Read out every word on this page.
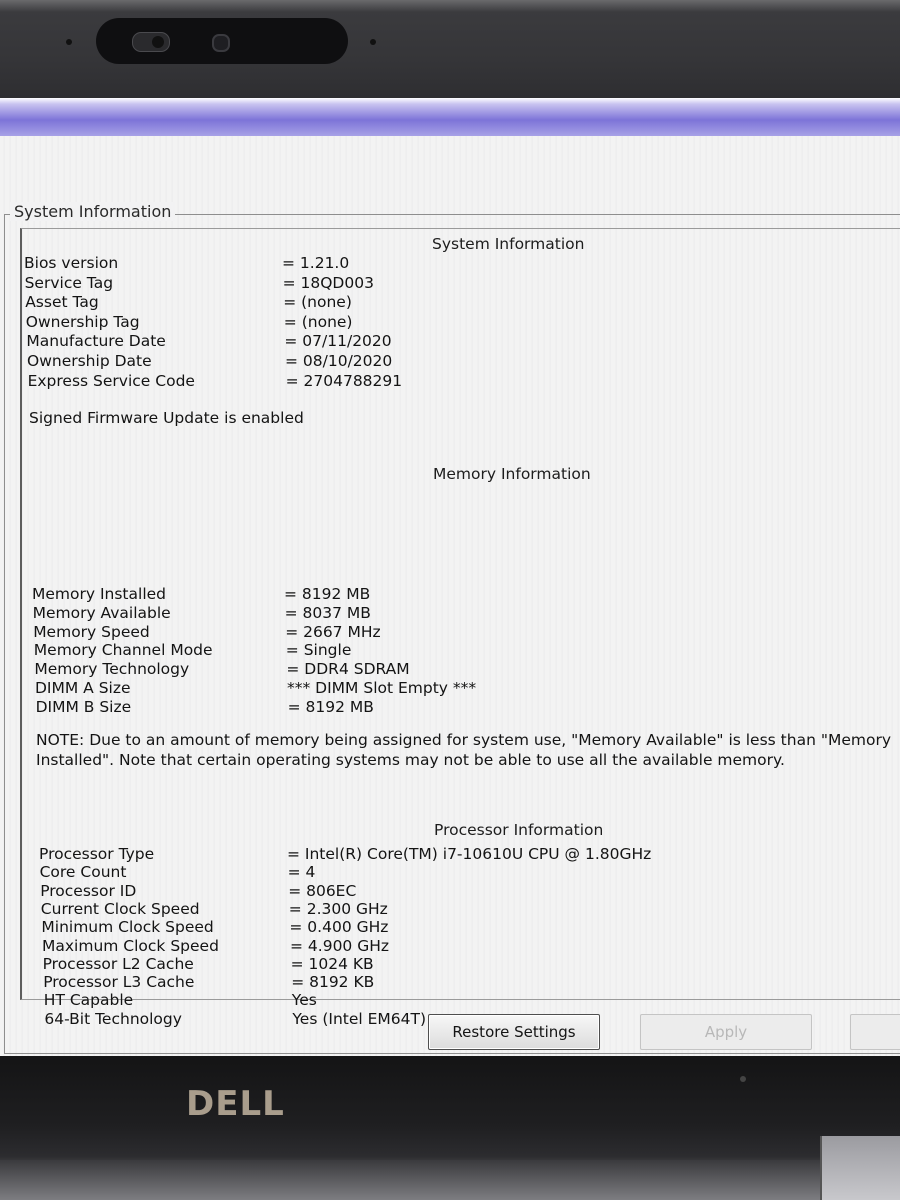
System Information
System Information
Bios version	= 1.21.0
Service Tag	= 18QD003
Asset Tag	= (none)
Ownership Tag	= (none)
Manufacture Date	= 07/11/2020
Ownership Date	= 08/10/2020
Express Service Code	= 2704788291
Signed Firmware Update is enabled
Memory Information
Memory Installed	= 8192 MB
Memory Available	= 8037 MB
Memory Speed	= 2667 MHz
Memory Channel Mode	= Single
Memory Technology	= DDR4 SDRAM
DIMM A Size	*** DIMM Slot Empty ***
DIMM B Size	= 8192 MB
NOTE: Due to an amount of memory being assigned for system use, "Memory Available" is less than "Memory Installed". Note that certain operating systems may not be able to use all the available memory.
Processor Information
Processor Type	= Intel(R) Core(TM) i7-10610U CPU @ 1.80GHz
Core Count	= 4
Processor ID	= 806EC
Current Clock Speed	= 2.300 GHz
Minimum Clock Speed	= 0.400 GHz
Maximum Clock Speed	= 4.900 GHz
Processor L2 Cache	= 1024 KB
Processor L3 Cache	= 8192 KB
HT Capable	Yes
64-Bit Technology	Yes (Intel EM64T)
Restore Settings	Apply
DELL
